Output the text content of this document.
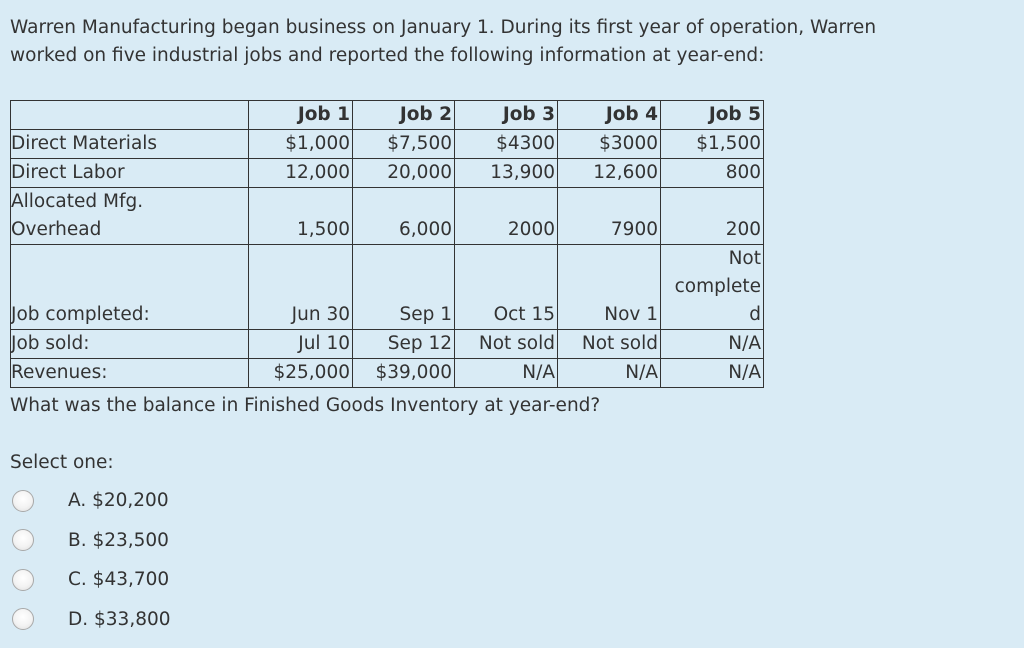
Warren Manufacturing began business on January 1. During its first year of operation, Warren
worked on five industrial jobs and reported the following information at year-end:
	Job 1	Job 2	Job 3	Job 4	Job 5
Direct Materials	$1,000	$7,500	$4300	$3000	$1,500
Direct Labor	12,000	20,000	13,900	12,600	800

Allocated Mfg.
Overhead	1,500	6,000	2000	7900	200
Job completed:	Jun 30	Sep 1	Oct 15	Nov 1	Not
complete
d

Job sold:	Jul 10	Sep 12	Not sold	Not sold	N/A
Revenues:	$25,000	$39,000	N/A	N/A	N/A
What was the balance in Finished Goods Inventory at year-end?
Select one:
A. $20,200
B. $23,500
C. $43,700
D. $33,800
